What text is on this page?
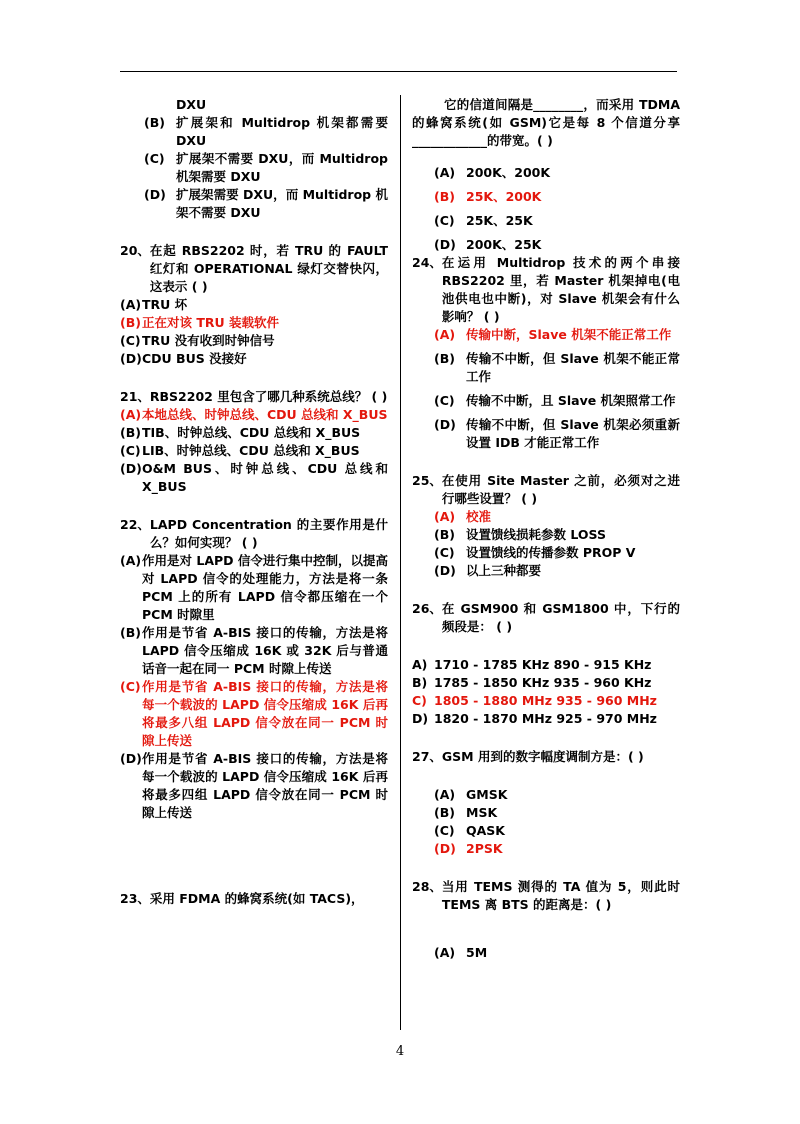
DXU
(B) 扩展架和 Multidrop 机架都需要 DXU
(C) 扩展架不需要 DXU，而 Multidrop 机架需要 DXU
(D) 扩展架需要 DXU，而 Multidrop 机架不需要 DXU
20、 在起 RBS2202 时，若 TRU 的 FAULT 红灯和 OPERATIONAL 绿灯交替快闪，这表示 ( )
(A) TRU 坏
(B) 正在对该 TRU 装载软件
(C) TRU 没有收到时钟信号
(D) CDU BUS 没接好
21、 RBS2202 里包含了哪几种系统总线？ ( )
(A) 本地总线、时钟总线、CDU 总线和 X_BUS
(B) TIB、时钟总线、CDU 总线和 X_BUS
(C) LIB、时钟总线、CDU 总线和 X_BUS
(D) O&M BUS、时钟总线、CDU 总线和 X_BUS
22、 LAPD Concentration 的主要作用是什么？如何实现？ ( )
(A) 作用是对 LAPD 信令进行集中控制，以提高对 LAPD 信令的处理能力，方法是将一条 PCM 上的所有 LAPD 信令都压缩在一个 PCM 时隙里
(B) 作用是节省 A-BIS 接口的传输，方法是将 LAPD 信令压缩成 16K 或 32K 后与普通话音一起在同一 PCM 时隙上传送
(C) 作用是节省 A-BIS 接口的传输，方法是将每一个载波的 LAPD 信令压缩成 16K 后再将最多八组 LAPD 信令放在同一 PCM 时隙上传送
(D) 作用是节省 A-BIS 接口的传输，方法是将每一个载波的 LAPD 信令压缩成 16K 后再将最多四组 LAPD 信令放在同一 PCM 时隙上传送
23、 采用 FDMA 的蜂窝系统(如 TACS)，
它的信道间隔是________，而采用 TDMA 的蜂窝系统(如 GSM)它是每 8 个信道分享____________的带宽。( )
(A) 200K、200K
(B) 25K、200K
(C) 25K、25K
(D) 200K、25K
24、 在运用 Multidrop 技术的两个串接 RBS2202 里，若 Master 机架掉电(电池供电也中断)，对 Slave 机架会有什么影响？ ( )
(A) 传输中断，Slave 机架不能正常工作
(B) 传输不中断，但 Slave 机架不能正常工作
(C) 传输不中断，且 Slave 机架照常工作
(D) 传输不中断，但 Slave 机架必须重新设置 IDB 才能正常工作
25、 在使用 Site Master 之前，必须对之进行哪些设置？ ( )
(A) 校准
(B) 设置馈线损耗参数 LOSS
(C) 设置馈线的传播参数 PROP V
(D) 以上三种都要
26、 在 GSM900 和 GSM1800 中，下行的频段是： ( )
A) 1710 - 1785 KHz 890 - 915 KHz
B) 1785 - 1850 KHz 935 - 960 KHz
C) 1805 - 1880 MHz 935 - 960 MHz
D) 1820 - 1870 MHz 925 - 970 MHz
27、 GSM 用到的数字幅度调制方是：( )
(A) GMSK
(B) MSK
(C) QASK
(D) 2PSK
28、 当用 TEMS 测得的 TA 值为 5，则此时 TEMS 离 BTS 的距离是：( )
(A) 5M
4
